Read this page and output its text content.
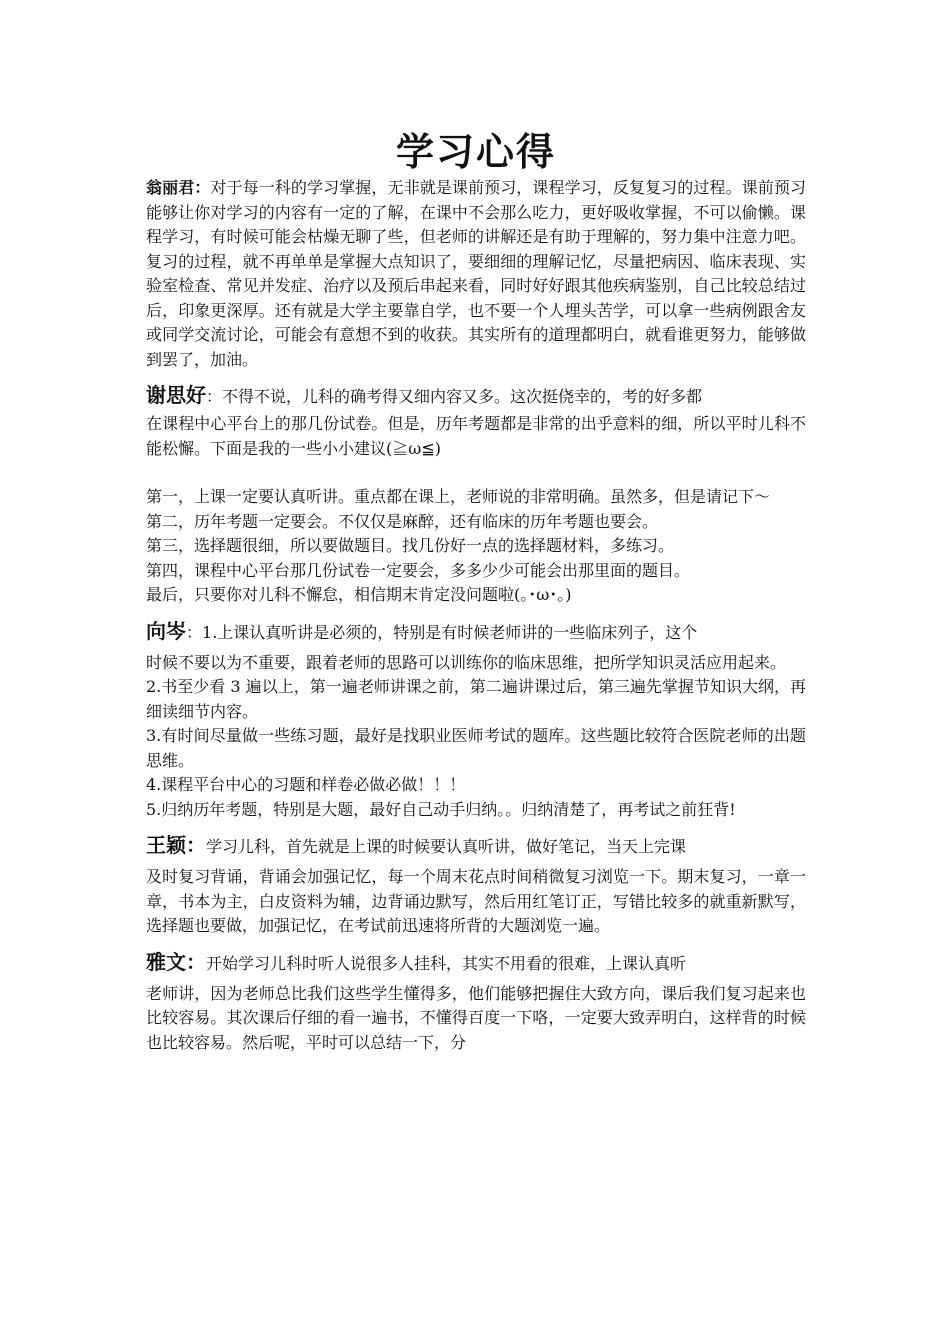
学习心得

翁丽君：对于每一科的学习掌握，无非就是课前预习，课程学习，反复复习的过程。课前预习能够让你对学习的内容有一定的了解，在课中不会那么吃力，更好吸收掌握，不可以偷懒。课程学习，有时候可能会枯燥无聊了些，但老师的讲解还是有助于理解的，努力集中注意力吧。复习的过程，就不再单单是掌握大点知识了，要细细的理解记忆，尽量把病因、临床表现、实验室检查、常见并发症、治疗以及预后串起来看，同时好好跟其他疾病鉴别，自己比较总结过后，印象更深厚。还有就是大学主要靠自学，也不要一个人埋头苦学，可以拿一些病例跟舍友或同学交流讨论，可能会有意想不到的收获。其实所有的道理都明白，就看谁更努力，能够做到罢了，加油。

谢思好：不得不说，儿科的确考得又细内容又多。这次挺侥幸的，考的好多都

在课程中心平台上的那几份试卷。但是，历年考题都是非常的出乎意料的细，所以平时儿科不能松懈。下面是我的一些小小建议(≧ω≦)

第一，上课一定要认真听讲。重点都在课上，老师说的非常明确。虽然多，但是请记下～

第二，历年考题一定要会。不仅仅是麻醉，还有临床的历年考题也要会。

第三，选择题很细，所以要做题目。找几份好一点的选择题材料，多练习。

第四，课程中心平台那几份试卷一定要会，多多少少可能会出那里面的题目。

最后，只要你对儿科不懈怠，相信期末肯定没问题啦(｡･ω･｡)

向岑：1.上课认真听讲是必须的，特别是有时候老师讲的一些临床列子，这个

时候不要以为不重要，跟着老师的思路可以训练你的临床思维，把所学知识灵活应用起来。

2.书至少看 3 遍以上，第一遍老师讲课之前，第二遍讲课过后，第三遍先掌握节知识大纲，再细读细节内容。

3.有时间尽量做一些练习题，最好是找职业医师考试的题库。这些题比较符合医院老师的出题思维。

4.课程平台中心的习题和样卷必做必做！！！

5.归纳历年考题，特别是大题，最好自己动手归纳。。归纳清楚了，再考试之前狂背!

王颖：学习儿科，首先就是上课的时候要认真听讲，做好笔记，当天上完课

及时复习背诵，背诵会加强记忆，每一个周末花点时间稍微复习浏览一下。期末复习，一章一章，书本为主，白皮资料为辅，边背诵边默写，然后用红笔订正，写错比较多的就重新默写，选择题也要做，加强记忆，在考试前迅速将所背的大题浏览一遍。

雅文：开始学习儿科时听人说很多人挂科，其实不用看的很难，上课认真听

老师讲，因为老师总比我们这些学生懂得多，他们能够把握住大致方向，课后我们复习起来也比较容易。其次课后仔细的看一遍书，不懂得百度一下咯，一定要大致弄明白，这样背的时候也比较容易。然后呢，平时可以总结一下，分
